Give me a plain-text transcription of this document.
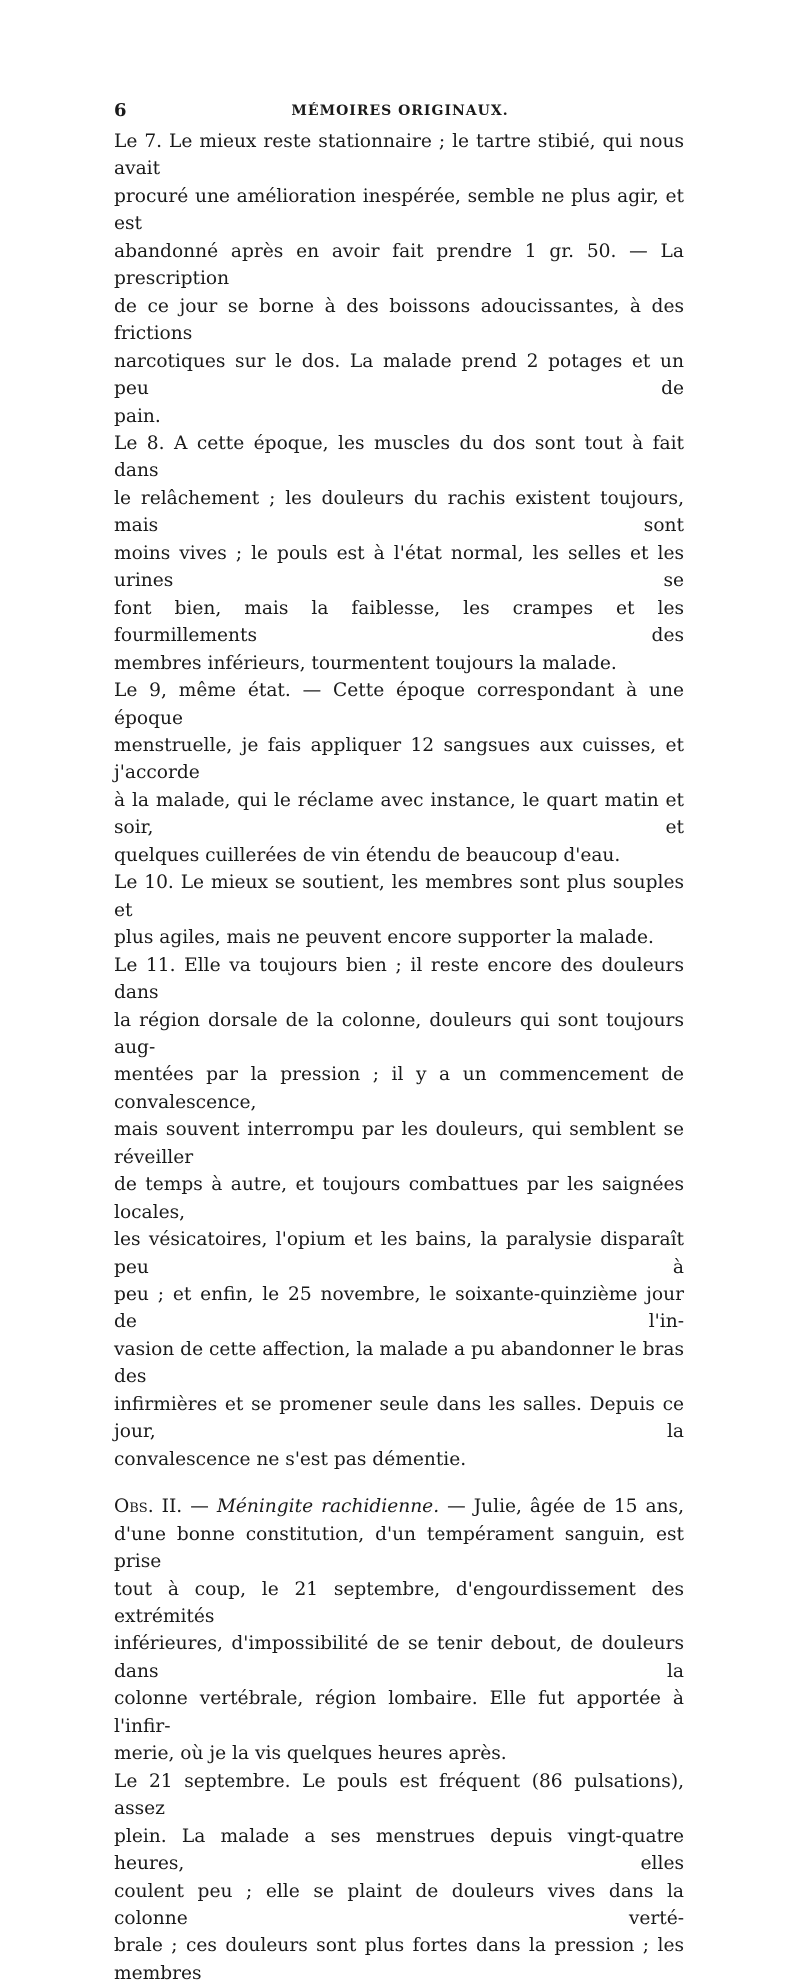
6	MÉMOIRES ORIGINAUX.

Le 7. Le mieux reste stationnaire ; le tartre stibié, qui nous avait
procuré une amélioration inespérée, semble ne plus agir, et est
abandonné après en avoir fait prendre 1 gr. 50. — La prescription
de ce jour se borne à des boissons adoucissantes, à des frictions
narcotiques sur le dos. La malade prend 2 potages et un peu de
pain.

Le 8. A cette époque, les muscles du dos sont tout à fait dans
le relâchement ; les douleurs du rachis existent toujours, mais sont
moins vives ; le pouls est à l'état normal, les selles et les urines se
font bien, mais la faiblesse, les crampes et les fourmillements des
membres inférieurs, tourmentent toujours la malade.

Le 9, même état. — Cette époque correspondant à une époque
menstruelle, je fais appliquer 12 sangsues aux cuisses, et j'accorde
à la malade, qui le réclame avec instance, le quart matin et soir, et
quelques cuillerées de vin étendu de beaucoup d'eau.

Le 10. Le mieux se soutient, les membres sont plus souples et
plus agiles, mais ne peuvent encore supporter la malade.

Le 11. Elle va toujours bien ; il reste encore des douleurs dans
la région dorsale de la colonne, douleurs qui sont toujours aug-
mentées par la pression ; il y a un commencement de convalescence,
mais souvent interrompu par les douleurs, qui semblent se réveiller
de temps à autre, et toujours combattues par les saignées locales,
les vésicatoires, l'opium et les bains, la paralysie disparaît peu à
peu ; et enfin, le 25 novembre, le soixante-quinzième jour de l'in-
vasion de cette affection, la malade a pu abandonner le bras des
infirmières et se promener seule dans les salles. Depuis ce jour, la
convalescence ne s'est pas démentie.

Obs. II. — Méningite rachidienne. — Julie, âgée de 15 ans,
d'une bonne constitution, d'un tempérament sanguin, est prise
tout à coup, le 21 septembre, d'engourdissement des extrémités
inférieures, d'impossibilité de se tenir debout, de douleurs dans la
colonne vertébrale, région lombaire. Elle fut apportée à l'infir-
merie, où je la vis quelques heures après.

Le 21 septembre. Le pouls est fréquent (86 pulsations), assez
plein. La malade a ses menstrues depuis vingt-quatre heures, elles
coulent peu ; elle se plaint de douleurs vives dans la colonne verté-
brale ; ces douleurs sont plus fortes dans la pression ; les membres
